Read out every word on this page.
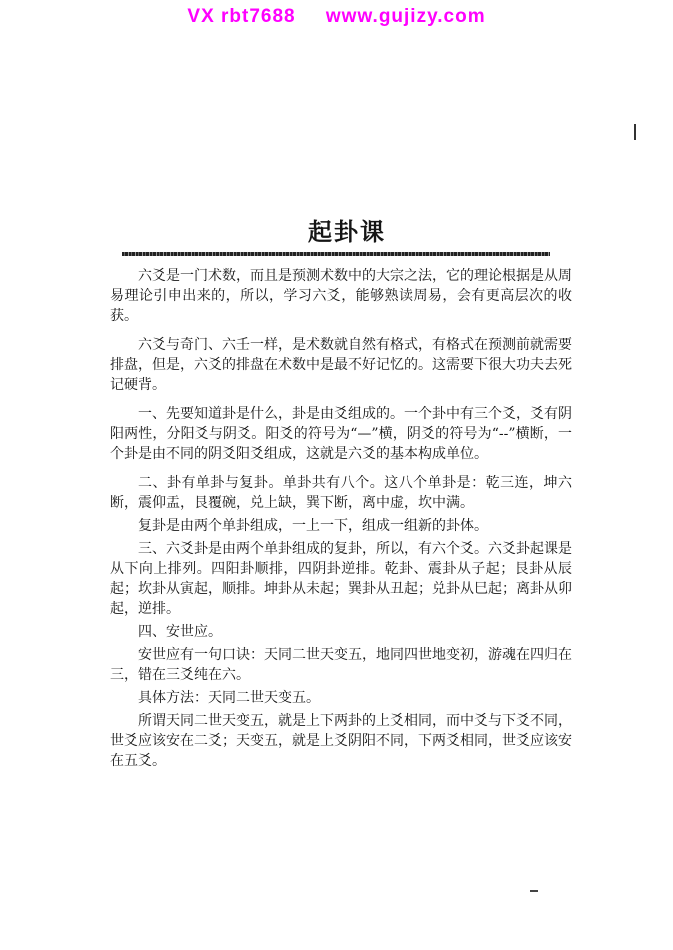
VX rbt7688 www.gujizy.com
起卦课

六爻是一门术数，而且是预测术数中的大宗之法，它的理论根据是从周易理论引申出来的，所以，学习六爻，能够熟读周易，会有更高层次的收获。

六爻与奇门、六壬一样，是术数就自然有格式，有格式在预测前就需要排盘，但是，六爻的排盘在术数中是最不好记忆的。这需要下很大功夫去死记硬背。

一、先要知道卦是什么，卦是由爻组成的。一个卦中有三个爻，爻有阴阳两性，分阳爻与阴爻。阳爻的符号为“—”横，阴爻的符号为“--”横断，一个卦是由不同的阴爻阳爻组成，这就是六爻的基本构成单位。

二、卦有单卦与复卦。单卦共有八个。这八个单卦是：乾三连，坤六断，震仰盂，艮覆碗，兑上缺，巽下断，离中虚，坎中满。

复卦是由两个单卦组成，一上一下，组成一组新的卦体。

三、六爻卦是由两个单卦组成的复卦，所以，有六个爻。六爻卦起课是从下向上排列。四阳卦顺排，四阴卦逆排。乾卦、震卦从子起；艮卦从辰起；坎卦从寅起，顺排。坤卦从未起；巽卦从丑起；兑卦从巳起；离卦从卯起，逆排。

四、安世应。

安世应有一句口诀：天同二世天变五，地同四世地变初，游魂在四归在三，错在三爻纯在六。

具体方法：天同二世天变五。

所谓天同二世天变五，就是上下两卦的上爻相同，而中爻与下爻不同，世爻应该安在二爻；天变五，就是上爻阴阳不同，下两爻相同，世爻应该安在五爻。
